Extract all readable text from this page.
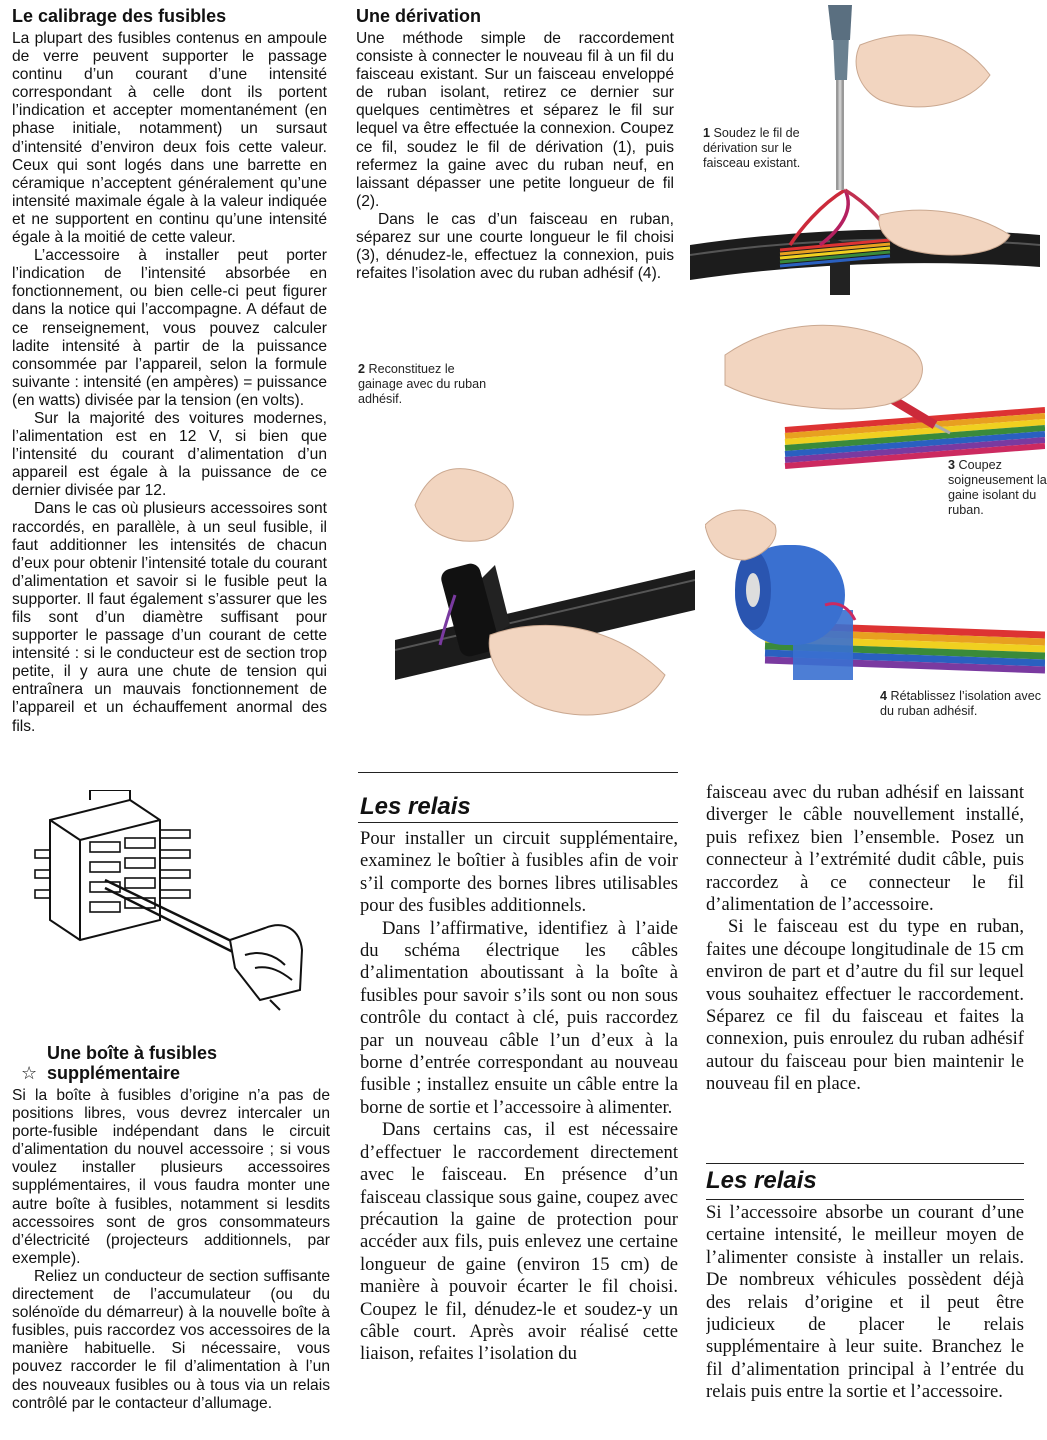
Le calibrage des fusibles

La plupart des fusibles contenus en ampoule de verre peuvent supporter le passage continu d’un courant d’une intensité correspondant à celle dont ils portent l’indication et accepter momentanément (en phase initiale, notamment) un sursaut d’intensité d’environ deux fois cette valeur. Ceux qui sont logés dans une barrette en céramique n’acceptent généralement qu’une intensité maximale égale à la valeur indiquée et ne supportent en continu qu’une intensité égale à la moitié de cette valeur.

L’accessoire à installer peut porter l’indication de l’intensité absorbée en fonctionnement, ou bien celle-ci peut figurer dans la notice qui l’accompagne. A défaut de ce renseignement, vous pouvez calculer ladite intensité à partir de la puissance consommée par l’appareil, selon la formule suivante : intensité (en ampères) = puissance (en watts) divisée par la tension (en volts).

Sur la majorité des voitures modernes, l’alimentation est en 12 V, si bien que l’intensité du courant d’alimentation d’un appareil est égale à la puissance de ce dernier divisée par 12.

Dans le cas où plusieurs accessoires sont raccordés, en parallèle, à un seul fusible, il faut additionner les intensités de chacun d’eux pour obtenir l’intensité totale du courant d’alimentation et savoir si le fusible peut la supporter. Il faut également s’assurer que les fils sont d’un diamètre suffisant pour supporter le passage d’un courant de cette intensité : si le conducteur est de section trop petite, il y aura une chute de tension qui entraînera un mauvais fonctionnement de l’appareil et un échauffement anormal des fils.

Une boîte à fusibles
☆ supplémentaire

Si la boîte à fusibles d’origine n’a pas de positions libres, vous devrez intercaler un porte-fusible indépendant dans le circuit d’alimentation du nouvel accessoire ; si vous voulez installer plusieurs accessoires supplémentaires, il vous faudra monter une autre boîte à fusibles, notamment si lesdits accessoires sont de gros consommateurs d’électricité (projecteurs additionnels, par exemple).

Reliez un conducteur de section suffisante directement de l’accumulateur (ou du solénoïde du démarreur) à la nouvelle boîte à fusibles, puis raccordez vos accessoires de la manière habituelle. Si nécessaire, vous pouvez raccorder le fil d’alimentation à l’un des nouveaux fusibles ou à tous via un relais contrôlé par le contacteur d’allumage.

Une dérivation

Une méthode simple de raccordement consiste à connecter le nouveau fil à un fil du faisceau existant. Sur un faisceau enveloppé de ruban isolant, retirez ce dernier sur quelques centimètres et séparez le fil sur lequel va être effectuée la connexion. Coupez ce fil, soudez le fil de dérivation (1), puis refermez la gaine avec du ruban neuf, en laissant dépasser une petite longueur de fil (2).

Dans le cas d’un faisceau en ruban, séparez sur une courte longueur le fil choisi (3), dénudez-le, effectuez la connexion, puis refaites l’isolation avec du ruban adhésif (4).

1 Soudez le fil de dérivation sur le faisceau existant.
3 Coupez soigneusement la gaine isolant du ruban.
2 Reconstituez le gainage avec du ruban adhésif.
4 Rétablissez l’isolation avec du ruban adhésif.
Les relais

Pour installer un circuit supplémentaire, examinez le boîtier à fusibles afin de voir s’il comporte des bornes libres utilisables pour des fusibles additionnels.

Dans l’affirmative, identifiez à l’aide du schéma électrique les câbles d’alimentation aboutissant à la boîte à fusibles pour savoir s’ils sont ou non sous contrôle du contact à clé, puis raccordez par un nouveau câble l’un d’eux à la borne d’entrée correspondant au nouveau fusible ; installez ensuite un câble entre la borne de sortie et l’accessoire à alimenter.

Dans certains cas, il est nécessaire d’effectuer le raccordement directement avec le faisceau. En présence d’un faisceau classique sous gaine, coupez avec précaution la gaine de protection pour accéder aux fils, puis enlevez une certaine longueur de gaine (environ 15 cm) de manière à pouvoir écarter le fil choisi. Coupez le fil, dénudez-le et soudez-y un câble court. Après avoir réalisé cette liaison, refaites l’isolation du

faisceau avec du ruban adhésif en laissant diverger le câble nouvellement installé, puis refixez bien l’ensemble. Posez un connecteur à l’extrémité dudit câble, puis raccordez à ce connecteur le fil d’alimentation de l’accessoire.

Si le faisceau est du type en ruban, faites une découpe longitudinale de 15 cm environ de part et d’autre du fil sur lequel vous souhaitez effectuer le raccordement. Séparez ce fil du faisceau et faites la connexion, puis enroulez du ruban adhésif autour du faisceau pour bien maintenir le nouveau fil en place.

Les relais

Si l’accessoire absorbe un courant d’une certaine intensité, le meilleur moyen de l’alimenter consiste à installer un relais. De nombreux véhicules possèdent déjà des relais d’origine et il peut être judicieux de placer le relais supplémentaire à leur suite. Branchez le fil d’alimentation principal à l’entrée du relais puis entre la sortie et l’accessoire.
